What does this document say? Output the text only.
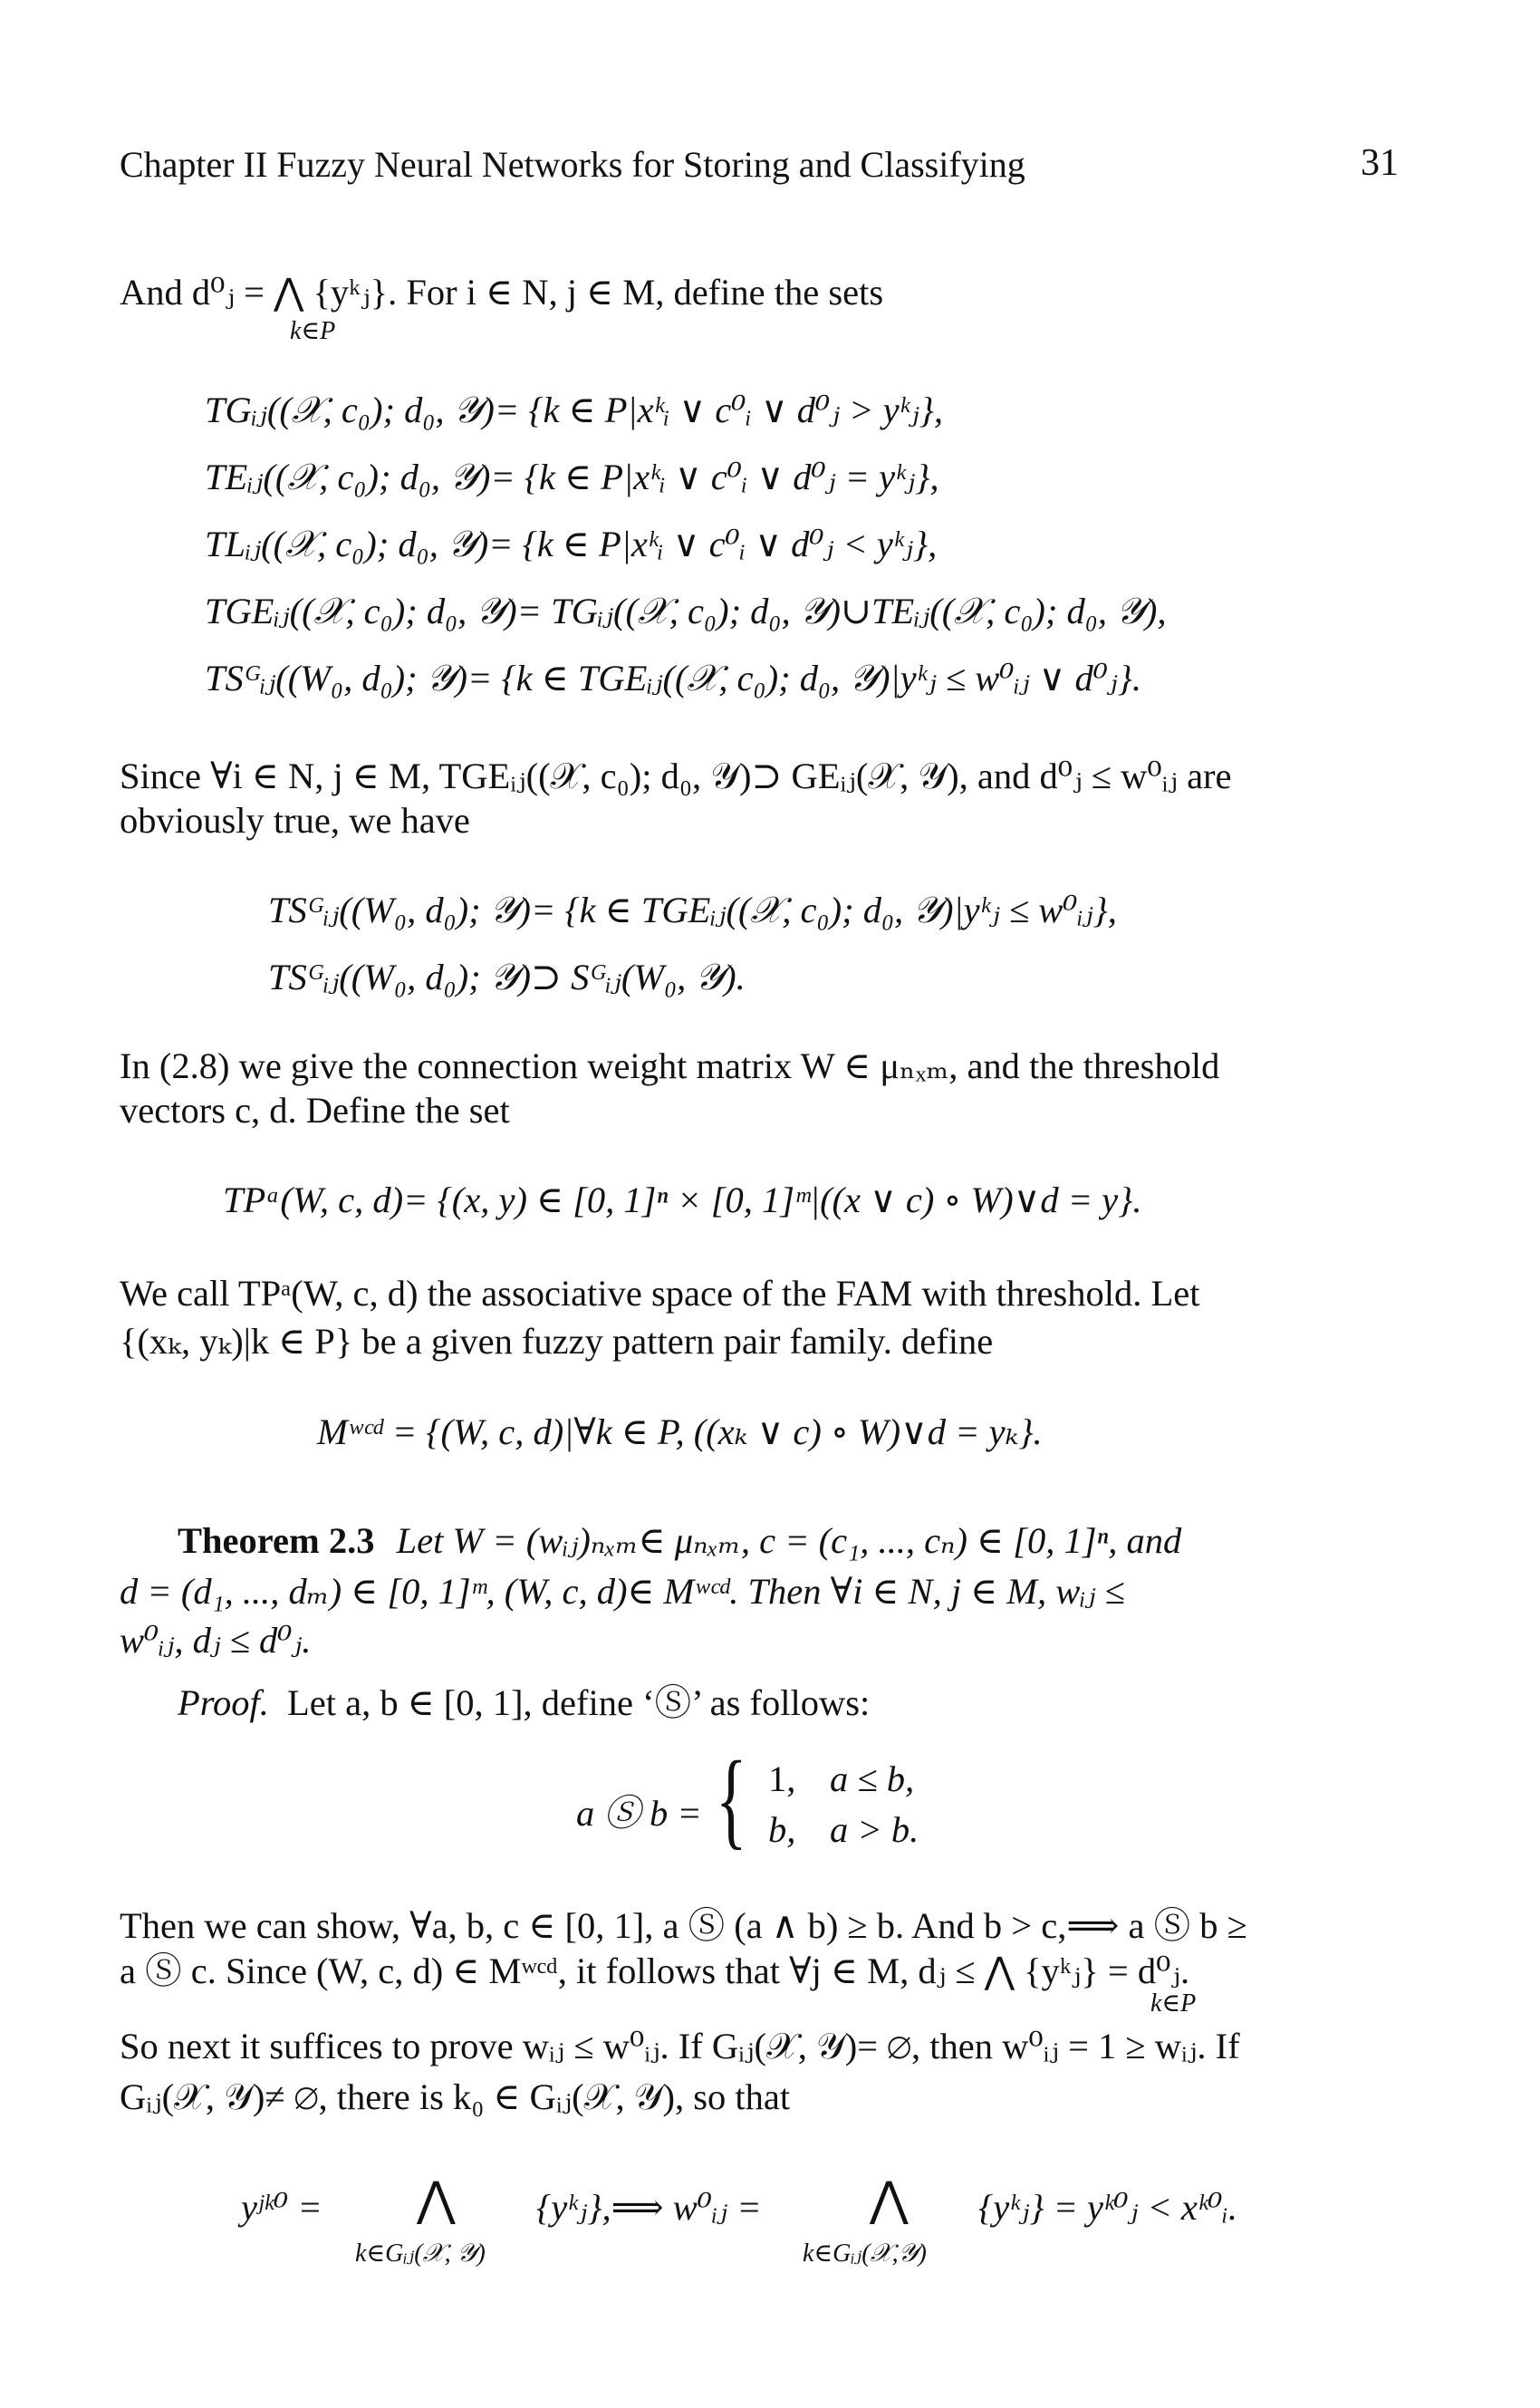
Chapter II Fuzzy Neural Networks for Storing and Classifying	31
And d⁰ⱼ = ⋀ {yᵏⱼ}. For i ∈ N, j ∈ M, define the sets
k∈P
TGᵢⱼ((𝒳, c₀); d₀, 𝒴)= {k ∈ P|xᵏᵢ ∨ c⁰ᵢ ∨ d⁰ⱼ > yᵏⱼ},
TEᵢⱼ((𝒳, c₀); d₀, 𝒴)= {k ∈ P|xᵏᵢ ∨ c⁰ᵢ ∨ d⁰ⱼ = yᵏⱼ},
TLᵢⱼ((𝒳, c₀); d₀, 𝒴)= {k ∈ P|xᵏᵢ ∨ c⁰ᵢ ∨ d⁰ⱼ < yᵏⱼ},
TGEᵢⱼ((𝒳, c₀); d₀, 𝒴)= TGᵢⱼ((𝒳, c₀); d₀, 𝒴)∪TEᵢⱼ((𝒳, c₀); d₀, 𝒴),
TSᴳᵢⱼ((W₀, d₀); 𝒴)= {k ∈ TGEᵢⱼ((𝒳, c₀); d₀, 𝒴)|yᵏⱼ ≤ w⁰ᵢⱼ ∨ d⁰ⱼ}.
Since ∀i ∈ N, j ∈ M, TGEᵢⱼ((𝒳, c₀); d₀, 𝒴)⊃ GEᵢⱼ(𝒳, 𝒴), and d⁰ⱼ ≤ w⁰ᵢⱼ are
obviously true, we have
TSᴳᵢⱼ((W₀, d₀); 𝒴)= {k ∈ TGEᵢⱼ((𝒳, c₀); d₀, 𝒴)|yᵏⱼ ≤ w⁰ᵢⱼ},
TSᴳᵢⱼ((W₀, d₀); 𝒴)⊃ Sᴳᵢⱼ(W₀, 𝒴).
In (2.8) we give the connection weight matrix W ∈ μₙₓₘ, and the threshold
vectors c, d. Define the set
TPᵃ(W, c, d)= {(x, y) ∈ [0, 1]ⁿ × [0, 1]ᵐ|((x ∨ c) ∘ W)∨d = y}.
We call TPᵃ(W, c, d) the associative space of the FAM with threshold. Let
{(xₖ, yₖ)|k ∈ P} be a given fuzzy pattern pair family. define
Mʷᶜᵈ = {(W, c, d)|∀k ∈ P, ((xₖ ∨ c) ∘ W)∨d = yₖ}.
Theorem 2.3 Let W = (wᵢⱼ)ₙₓₘ∈ μₙₓₘ, c = (c₁, ..., cₙ) ∈ [0, 1]ⁿ, and
d = (d₁, ..., dₘ) ∈ [0, 1]ᵐ, (W, c, d)∈ Mʷᶜᵈ. Then ∀i ∈ N, j ∈ M, wᵢⱼ ≤
w⁰ᵢⱼ, dⱼ ≤ d⁰ⱼ.
Proof. Let a, b ∈ [0, 1], define ‘Ⓢ’ as follows:
a Ⓢ b = { 1, a ≤ b,
b, a > b.
Then we can show, ∀a, b, c ∈ [0, 1], a Ⓢ (a ∧ b) ≥ b. And b > c,⟹ a Ⓢ b ≥
a Ⓢ c. Since (W, c, d) ∈ Mʷᶜᵈ, it follows that ∀j ∈ M, dⱼ ≤ ⋀ {yᵏⱼ} = d⁰ⱼ.
k∈P
So next it suffices to prove wᵢⱼ ≤ w⁰ᵢⱼ. If Gᵢⱼ(𝒳, 𝒴)= ∅, then w⁰ᵢⱼ = 1 ≥ wᵢⱼ. If
Gᵢⱼ(𝒳, 𝒴)≠ ∅, there is k₀ ∈ Gᵢⱼ(𝒳, 𝒴), so that
yʲᵏ⁰ = ⋀ {yᵏⱼ},⟹ w⁰ᵢⱼ = ⋀ {yᵏⱼ} = yᵏ⁰ⱼ < xᵏ⁰ᵢ.
k∈Gᵢⱼ(𝒳, 𝒴)	k∈Gᵢⱼ(𝒳,𝒴)
